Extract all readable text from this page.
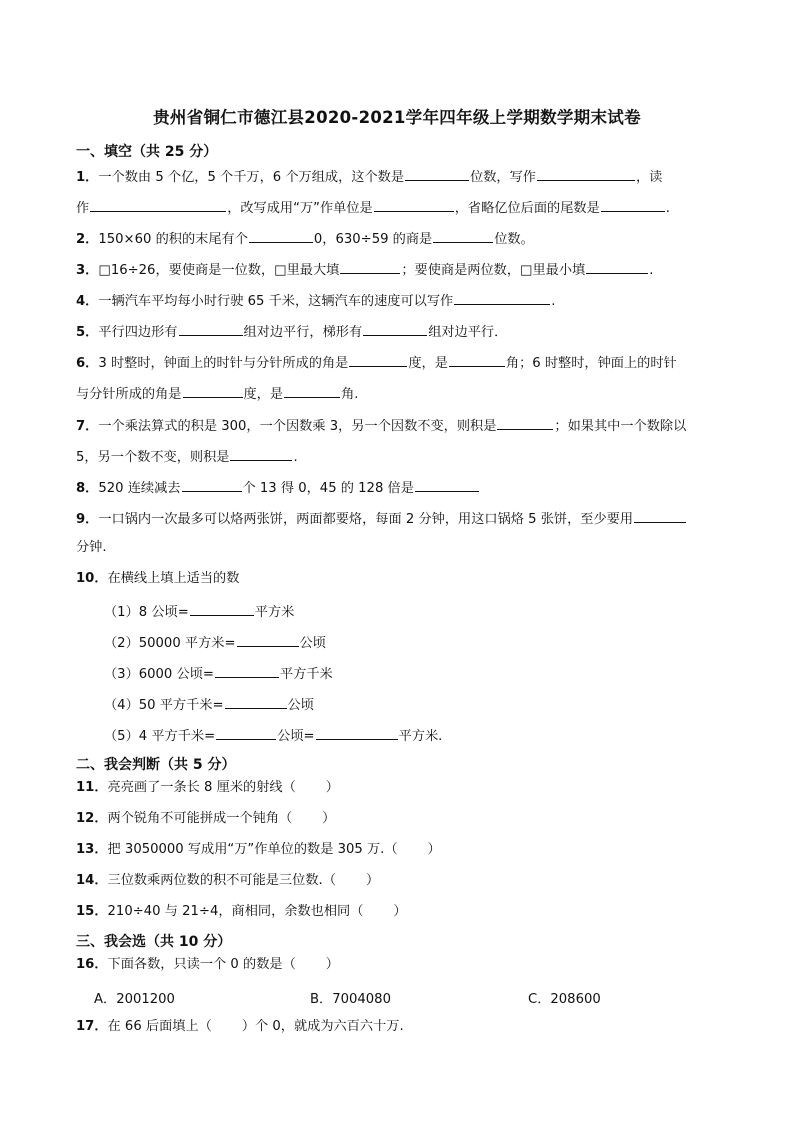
贵州省铜仁市德江县2020-2021学年四年级上学期数学期末试卷
一、填空（共 25 分）
1．一个数由 5 个亿，5 个千万，6 个万组成，这个数是	位数，写作	，读
作	，改写成用“万”作单位是	，省略亿位后面的尾数是	.
2．150×60 的积的末尾有个	0，630÷59 的商是	位数。
3．□16÷26，要使商是一位数，□里最大填	；要使商是两位数，□里最小填	.
4．一辆汽车平均每小时行驶 65 千米，这辆汽车的速度可以写作	.
5．平行四边形有	组对边平行，梯形有	组对边平行．
6．3 时整时，钟面上的时针与分针所成的角是	度，是	角；6 时整时，钟面上的时针
与分针所成的角是	度，是	角.
7．一个乘法算式的积是 300，一个因数乘 3，另一个因数不变，则积是	；如果其中一个数除以
5，另一个数不变，则积是	.
8．520 连续减去	个 13 得 0，45 的 128 倍是
9．一口锅内一次最多可以烙两张饼，两面都要烙，每面 2 分钟，用这口锅烙 5 张饼，至少要用
分钟.
10．在横线上填上适当的数
（1）8 公顷=	平方米
（2）50000 平方米=	公顷
（3）6000 公顷=	平方千米
（4）50 平方千米=	公顷
（5）4 平方千米=	公顷=	平方米.
二、我会判断（共 5 分）
11．亮亮画了一条长 8 厘米的射线（ ）
12．两个锐角不可能拼成一个钝角（ ）
13．把 3050000 写成用“万”作单位的数是 305 万.（ ）
14．三位数乘两位数的积不可能是三位数.（ ）
15．210÷40 与 21÷4，商相同，余数也相同（ ）
三、我会选（共 10 分）
16．下面各数，只读一个 0 的数是（ ）
A．2001200	B．7004080	C．208600
17．在 66 后面填上（ ）个 0，就成为六百六十万.
